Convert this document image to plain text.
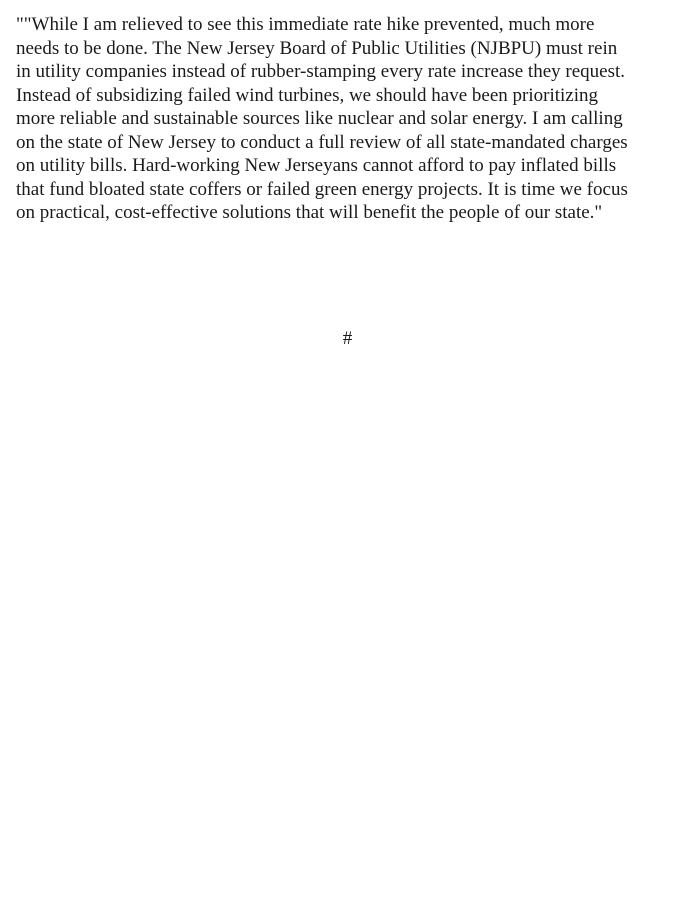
""While I am relieved to see this immediate rate hike prevented, much more
needs to be done. The New Jersey Board of Public Utilities (NJBPU) must rein
in utility companies instead of rubber-stamping every rate increase they request.
Instead of subsidizing failed wind turbines, we should have been prioritizing
more reliable and sustainable sources like nuclear and solar energy. I am calling
on the state of New Jersey to conduct a full review of all state-mandated charges
on utility bills. Hard-working New Jerseyans cannot afford to pay inflated bills
that fund bloated state coffers or failed green energy projects. It is time we focus
on practical, cost-effective solutions that will benefit the people of our state."

#
